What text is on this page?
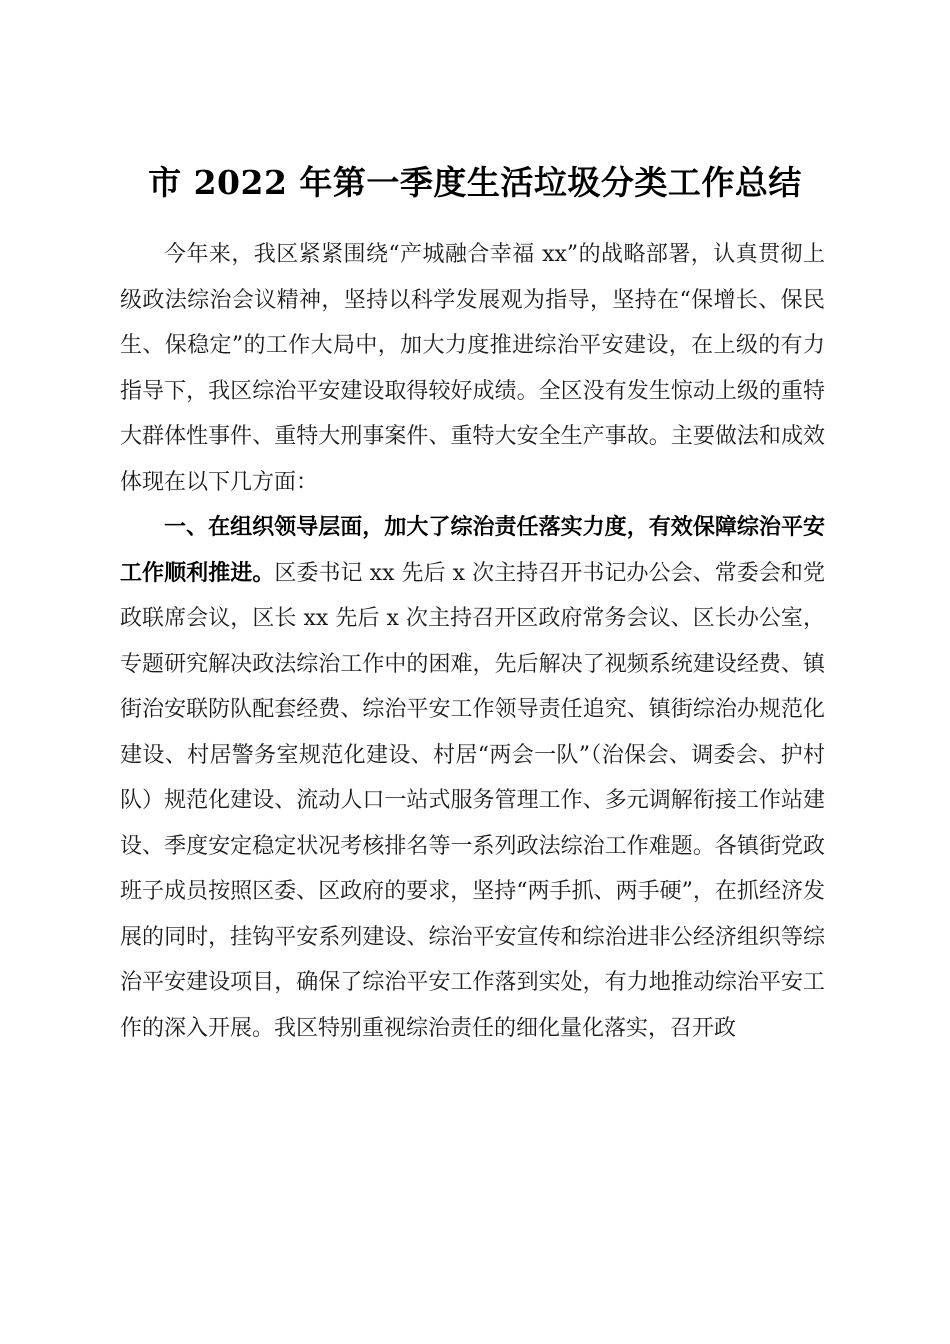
市 2022 年第一季度生活垃圾分类工作总结

今年来，我区紧紧围绕“产城融合幸福 xx”的战略部署，认真贯彻上级政法综治会议精神，坚持以科学发展观为指导，坚持在“保增长、保民生、保稳定”的工作大局中，加大力度推进综治平安建设，在上级的有力指导下，我区综治平安建设取得较好成绩。全区没有发生惊动上级的重特大群体性事件、重特大刑事案件、重特大安全生产事故。主要做法和成效体现在以下几方面：

一、在组织领导层面，加大了综治责任落实力度，有效保障综治平安工作顺利推进。区委书记 xx 先后 x 次主持召开书记办公会、常委会和党政联席会议，区长 xx 先后 x 次主持召开区政府常务会议、区长办公室，专题研究解决政法综治工作中的困难，先后解决了视频系统建设经费、镇街治安联防队配套经费、综治平安工作领导责任追究、镇街综治办规范化建设、村居警务室规范化建设、村居“两会一队”（治保会、调委会、护村队）规范化建设、流动人口一站式服务管理工作、多元调解衔接工作站建设、季度安定稳定状况考核排名等一系列政法综治工作难题。各镇街党政班子成员按照区委、区政府的要求，坚持“两手抓、两手硬”，在抓经济发展的同时，挂钩平安系列建设、综治平安宣传和综治进非公经济组织等综治平安建设项目，确保了综治平安工作落到实处，有力地推动综治平安工作的深入开展。我区特别重视综治责任的细化量化落实，召开政
